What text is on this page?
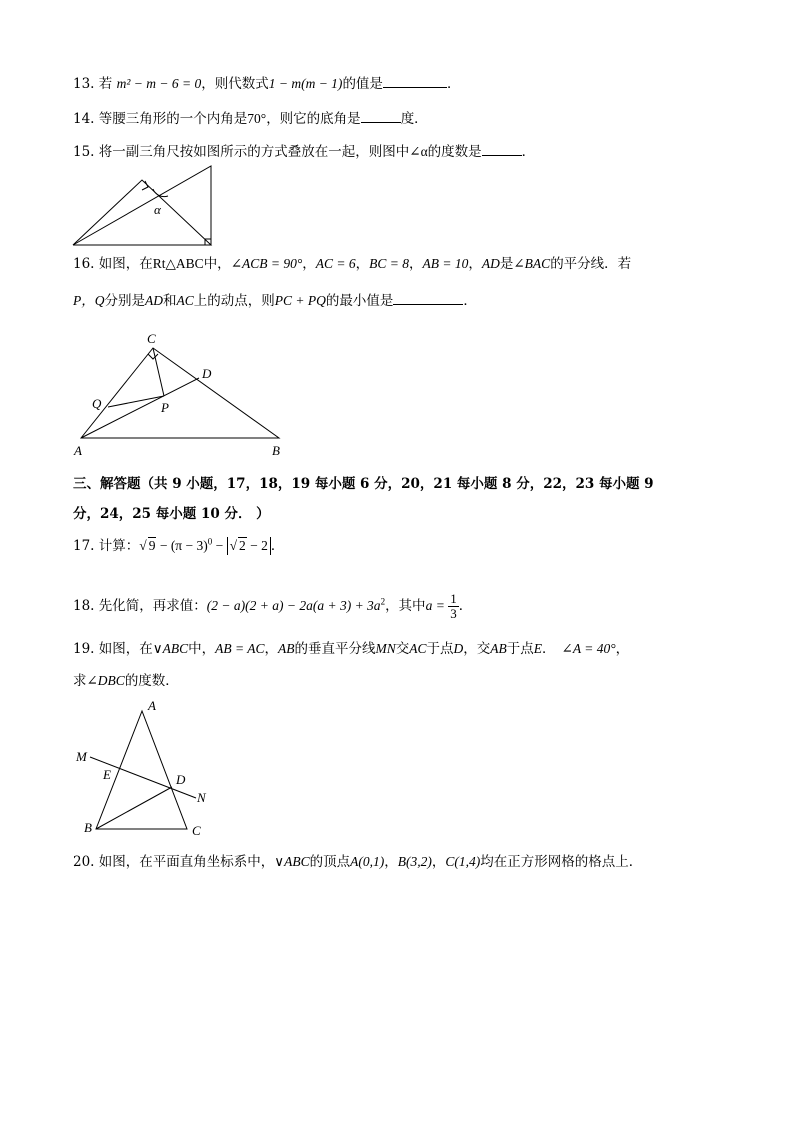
13. 若 m² − m − 6 = 0，则代数式1 − m(m − 1)的值是	．
14. 等腰三角形的一个内角是70°，则它的底角是	度．
15. 将一副三角尺按如图所示的方式叠放在一起，则图中∠α的度数是	．
α
16. 如图，在Rt△ABC中，∠ACB = 90°，AC = 6，BC = 8，AB = 10，AD是∠BAC的平分线．若
P，Q分别是AD和AC上的动点，则PC + PQ的最小值是	．
C
D
Q	P
A	B
三、解答题（共 9 小题，17，18，19 每小题 6 分，20，21 每小题 8 分，22，23 每小题 9
分，24，25 每小题 10 分． ）
17. 计算：√ $9 - (\pi - 3)^0$ − √ 2 − 2 ．
18. 先化简，再求值：$(2 - a)(2 + a) - 2a(a + 3) + 3a^2$，其中$a = \frac{1}{3}$ ．
19. 如图，在∨ABC中，AB = AC，AB的垂直平分线MN交AC于点D，交AB于点E． ∠A = 40°，
求∠DBC的度数．
A
M
E	D
N
B	C
20. 如图，在平面直角坐标系中，∨ABC的顶点A(0,1)，B(3,2)，C(1,4)均在正方形网格的格点上．
